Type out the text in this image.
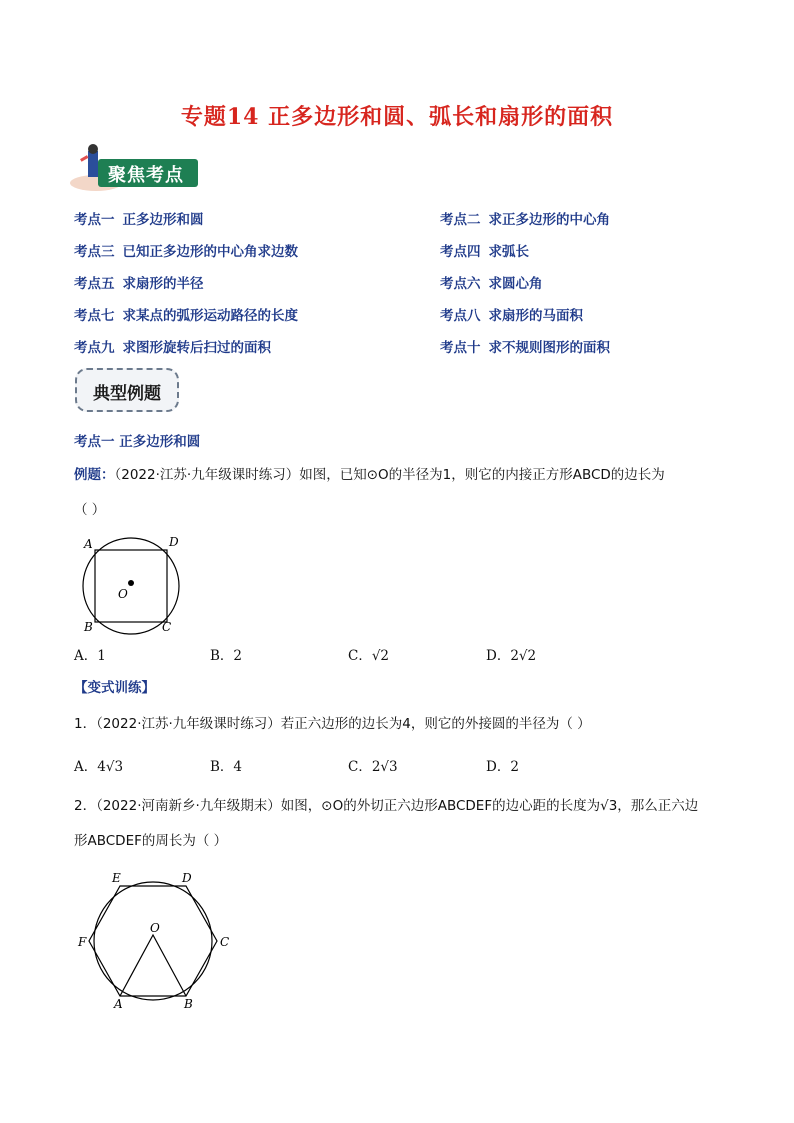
专题14 正多边形和圆、弧长和扇形的面积
聚焦考点
考点一 正多边形和圆	考点二 求正多边形的中心角
考点三 已知正多边形的中心角求边数	考点四 求弧长
考点五 求扇形的半径	考点六 求圆心角
考点七 求某点的弧形运动路径的长度	考点八 求扇形的马面积
考点九 求图形旋转后扫过的面积	考点十 求不规则图形的面积
典型例题
考点一 正多边形和圆
例题：（2022·江苏·九年级课时练习）如图，已知⊙O的半径为1，则它的内接正方形ABCD的边长为
（ ）
A	D
O
B	C
A．1	B．2	C．√2	D．2√2
【变式训练】
1．（2022·江苏·九年级课时练习）若正六边形的边长为4，则它的外接圆的半径为（ ）
A．4√3	B．4	C．2√3	D．2
2．（2022·河南新乡·九年级期末）如图，⊙O的外切正六边形ABCDEF的边心距的长度为√3，那么正六边
形ABCDEF的周长为（ ）
E	D
O
F	C
A	B
